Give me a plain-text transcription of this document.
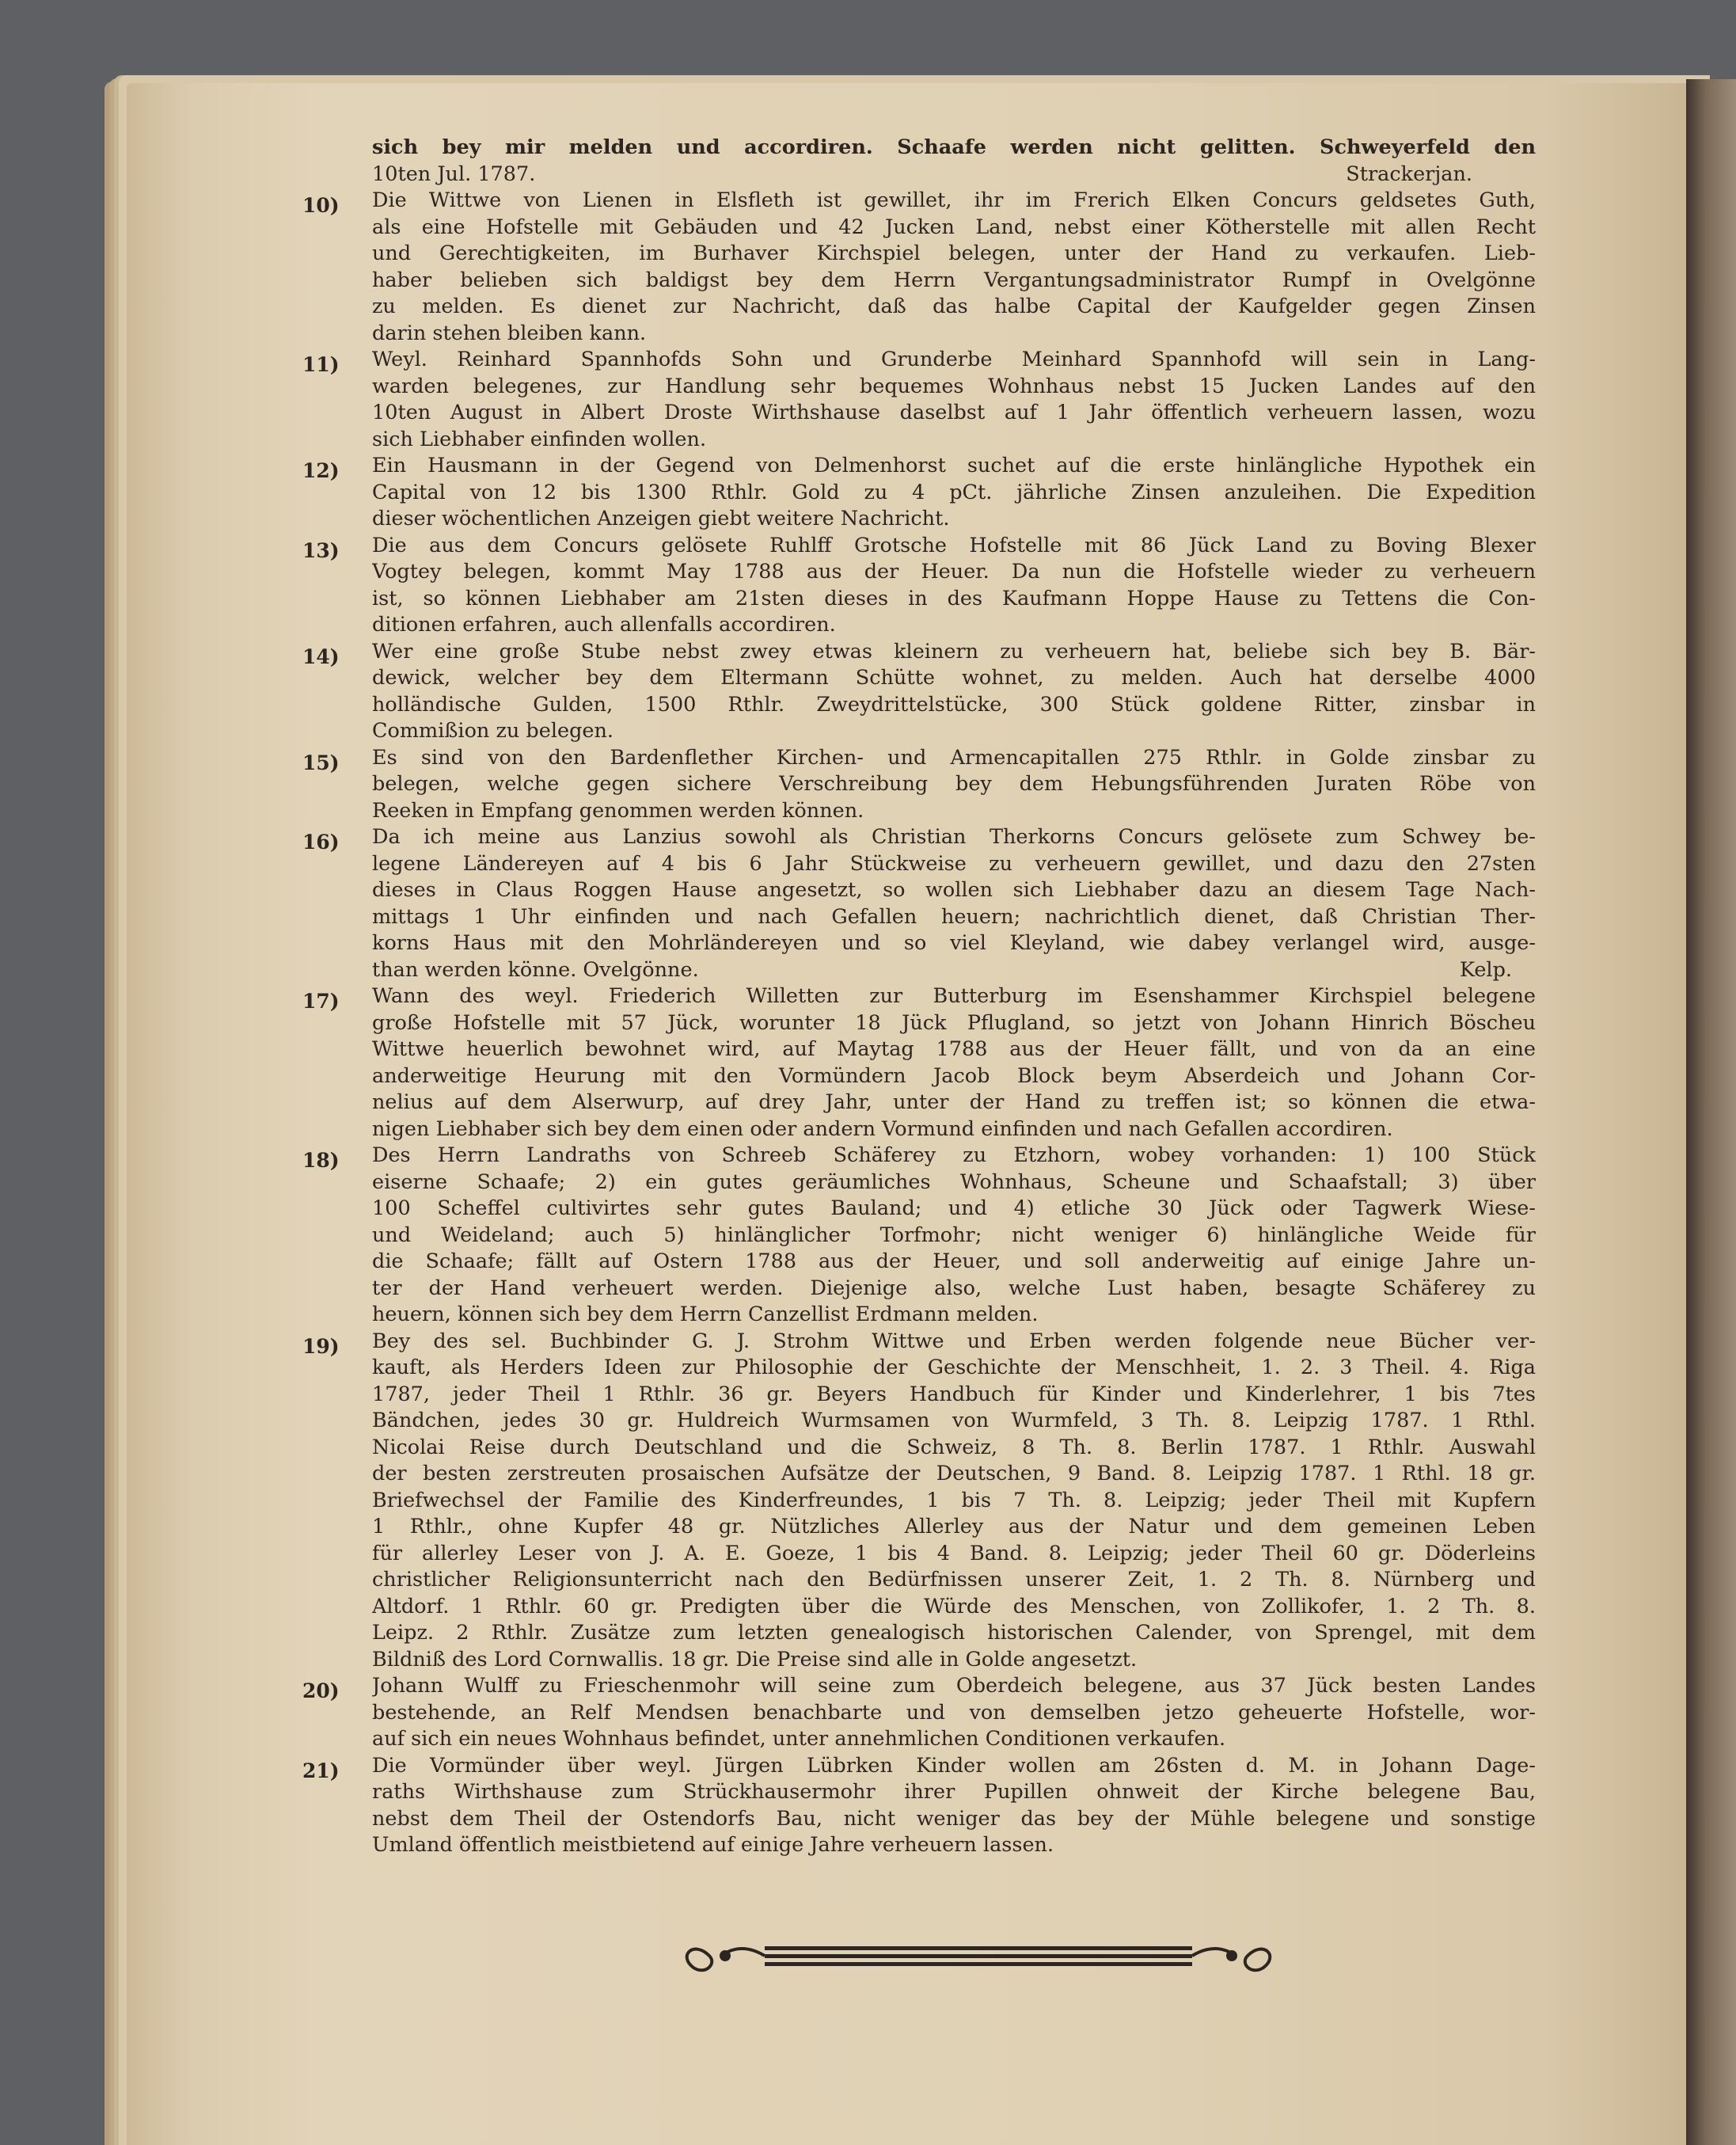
sich bey mir melden und accordiren. Schaafe werden nicht gelitten. Schweyerfeld den
10ten Jul. 1787.	Strackerjan.
10) Die Wittwe von Lienen in Elsfleth ist gewillet, ihr im Frerich Elken Concurs geldsetes Guth,
als eine Hofstelle mit Gebäuden und 42 Jucken Land, nebst einer Kötherstelle mit allen Recht
und Gerechtigkeiten, im Burhaver Kirchspiel belegen, unter der Hand zu verkaufen. Lieb-
haber belieben sich baldigst bey dem Herrn Vergantungsadministrator Rumpf in Ovelgönne
zu melden. Es dienet zur Nachricht, daß das halbe Capital der Kaufgelder gegen Zinsen
darin stehen bleiben kann.
11) Weyl. Reinhard Spannhofds Sohn und Grunderbe Meinhard Spannhofd will sein in Lang-
warden belegenes, zur Handlung sehr bequemes Wohnhaus nebst 15 Jucken Landes auf den
10ten August in Albert Droste Wirthshause daselbst auf 1 Jahr öffentlich verheuern lassen, wozu
sich Liebhaber einfinden wollen.
12) Ein Hausmann in der Gegend von Delmenhorst suchet auf die erste hinlängliche Hypothek ein
Capital von 12 bis 1300 Rthlr. Gold zu 4 pCt. jährliche Zinsen anzuleihen. Die Expedition
dieser wöchentlichen Anzeigen giebt weitere Nachricht.
13) Die aus dem Concurs gelösete Ruhlff Grotsche Hofstelle mit 86 Jück Land zu Boving Blexer
Vogtey belegen, kommt May 1788 aus der Heuer. Da nun die Hofstelle wieder zu verheuern
ist, so können Liebhaber am 21sten dieses in des Kaufmann Hoppe Hause zu Tettens die Con-
ditionen erfahren, auch allenfalls accordiren.
14) Wer eine große Stube nebst zwey etwas kleinern zu verheuern hat, beliebe sich bey B. Bär-
dewick, welcher bey dem Eltermann Schütte wohnet, zu melden. Auch hat derselbe 4000
holländische Gulden, 1500 Rthlr. Zweydrittelstücke, 300 Stück goldene Ritter, zinsbar in
Commißion zu belegen.
15) Es sind von den Bardenflether Kirchen- und Armencapitallen 275 Rthlr. in Golde zinsbar zu
belegen, welche gegen sichere Verschreibung bey dem Hebungsführenden Juraten Röbe von
Reeken in Empfang genommen werden können.
16) Da ich meine aus Lanzius sowohl als Christian Therkorns Concurs gelösete zum Schwey be-
legene Ländereyen auf 4 bis 6 Jahr Stückweise zu verheuern gewillet, und dazu den 27sten
dieses in Claus Roggen Hause angesetzt, so wollen sich Liebhaber dazu an diesem Tage Nach-
mittags 1 Uhr einfinden und nach Gefallen heuern; nachrichtlich dienet, daß Christian Ther-
korns Haus mit den Mohrländereyen und so viel Kleyland, wie dabey verlangel wird, ausge-
than werden könne. Ovelgönne.	Kelp.
17) Wann des weyl. Friederich Willetten zur Butterburg im Esenshammer Kirchspiel belegene
große Hofstelle mit 57 Jück, worunter 18 Jück Pflugland, so jetzt von Johann Hinrich Böscheu
Wittwe heuerlich bewohnet wird, auf Maytag 1788 aus der Heuer fällt, und von da an eine
anderweitige Heurung mit den Vormündern Jacob Block beym Abserdeich und Johann Cor-
nelius auf dem Alserwurp, auf drey Jahr, unter der Hand zu treffen ist; so können die etwa-
nigen Liebhaber sich bey dem einen oder andern Vormund einfinden und nach Gefallen accordiren.
18) Des Herrn Landraths von Schreeb Schäferey zu Etzhorn, wobey vorhanden: 1) 100 Stück
eiserne Schaafe; 2) ein gutes geräumliches Wohnhaus, Scheune und Schaafstall; 3) über
100 Scheffel cultivirtes sehr gutes Bauland; und 4) etliche 30 Jück oder Tagwerk Wiese-
und Weideland; auch 5) hinlänglicher Torfmohr; nicht weniger 6) hinlängliche Weide für
die Schaafe; fällt auf Ostern 1788 aus der Heuer, und soll anderweitig auf einige Jahre un-
ter der Hand verheuert werden. Diejenige also, welche Lust haben, besagte Schäferey zu
heuern, können sich bey dem Herrn Canzellist Erdmann melden.
19) Bey des sel. Buchbinder G. J. Strohm Wittwe und Erben werden folgende neue Bücher ver-
kauft, als Herders Ideen zur Philosophie der Geschichte der Menschheit, 1. 2. 3 Theil. 4. Riga
1787, jeder Theil 1 Rthlr. 36 gr. Beyers Handbuch für Kinder und Kinderlehrer, 1 bis 7tes
Bändchen, jedes 30 gr. Huldreich Wurmsamen von Wurmfeld, 3 Th. 8. Leipzig 1787. 1 Rthl.
Nicolai Reise durch Deutschland und die Schweiz, 8 Th. 8. Berlin 1787. 1 Rthlr. Auswahl
der besten zerstreuten prosaischen Aufsätze der Deutschen, 9 Band. 8. Leipzig 1787. 1 Rthl. 18 gr.
Briefwechsel der Familie des Kinderfreundes, 1 bis 7 Th. 8. Leipzig; jeder Theil mit Kupfern
1 Rthlr., ohne Kupfer 48 gr. Nützliches Allerley aus der Natur und dem gemeinen Leben
für allerley Leser von J. A. E. Goeze, 1 bis 4 Band. 8. Leipzig; jeder Theil 60 gr. Döderleins
christlicher Religionsunterricht nach den Bedürfnissen unserer Zeit, 1. 2 Th. 8. Nürnberg und
Altdorf. 1 Rthlr. 60 gr. Predigten über die Würde des Menschen, von Zollikofer, 1. 2 Th. 8.
Leipz. 2 Rthlr. Zusätze zum letzten genealogisch historischen Calender, von Sprengel, mit dem
Bildniß des Lord Cornwallis. 18 gr. Die Preise sind alle in Golde angesetzt.
20) Johann Wulff zu Frieschenmohr will seine zum Oberdeich belegene, aus 37 Jück besten Landes
bestehende, an Relf Mendsen benachbarte und von demselben jetzo geheuerte Hofstelle, wor-
auf sich ein neues Wohnhaus befindet, unter annehmlichen Conditionen verkaufen.
21) Die Vormünder über weyl. Jürgen Lübrken Kinder wollen am 26sten d. M. in Johann Dage-
raths Wirthshause zum Strückhausermohr ihrer Pupillen ohnweit der Kirche belegene Bau,
nebst dem Theil der Ostendorfs Bau, nicht weniger das bey der Mühle belegene und sonstige
Umland öffentlich meistbietend auf einige Jahre verheuern lassen.
